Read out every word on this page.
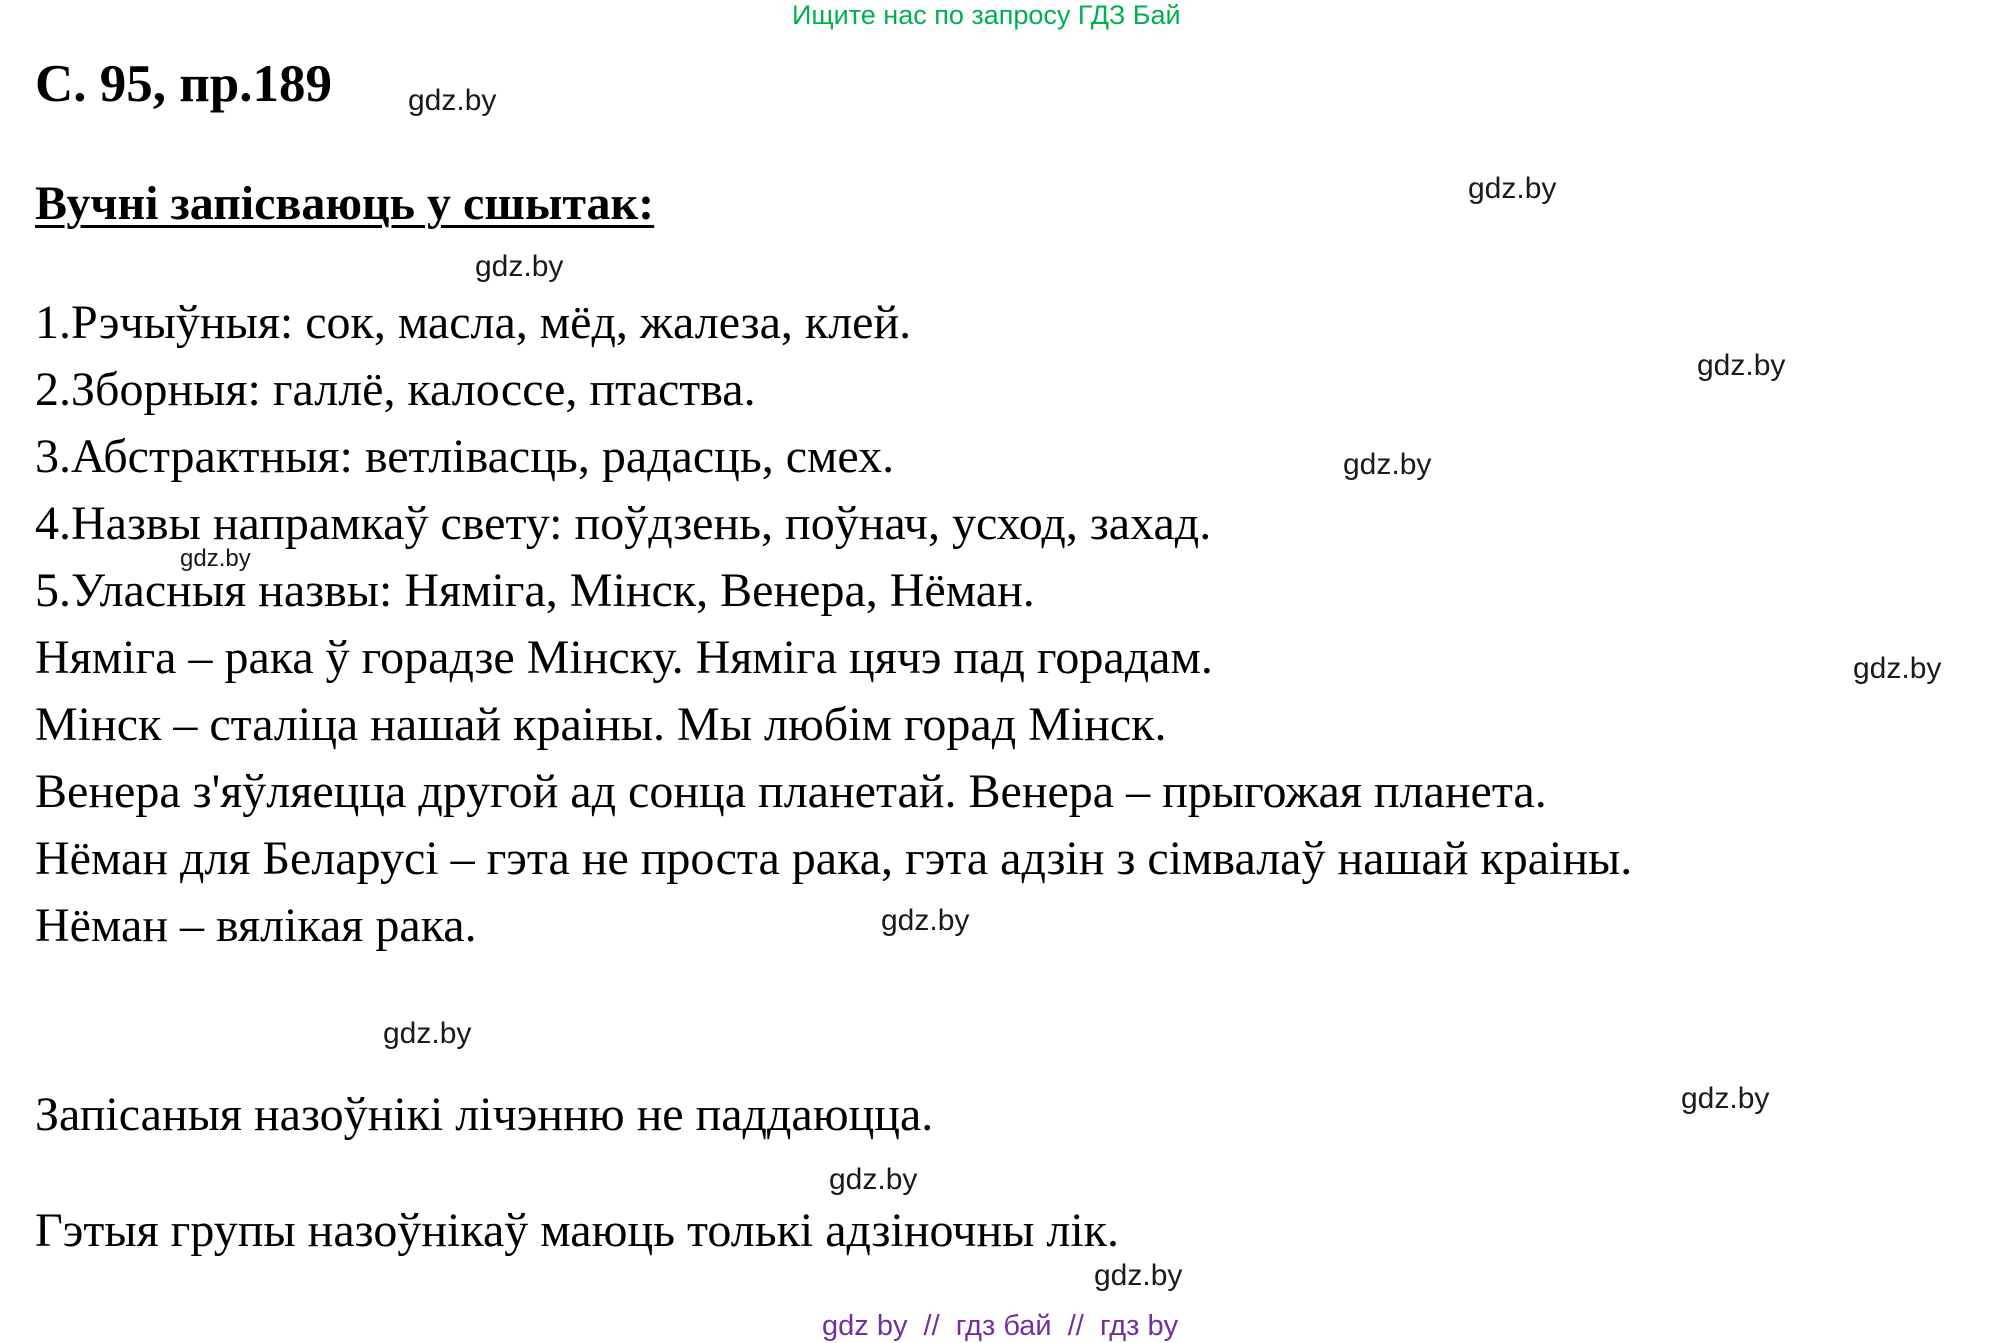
Ищите нас по запросу ГДЗ Бай
С. 95, пр.189
Вучні запісваюць у сшытак:
1.Рэчыўныя: сок, масла, мёд, жалеза, клей.
2.Зборныя: галлё, калоссе, птаства.
3.Абстрактныя: ветлівасць, радасць, смех.
4.Назвы напрамкаў свету: поўдзень, поўнач, усход, захад.
5.Уласныя назвы: Няміга, Мінск, Венера, Нёман.
Няміга – рака ў горадзе Мінску. Няміга цячэ пад горадам.
Мінск – сталіца нашай краіны. Мы любім горад Мінск.
Венера з'яўляецца другой ад сонца планетай. Венера – прыгожая планета.
Нёман для Беларусі – гэта не проста рака, гэта адзін з сімвалаў нашай краіны.
Нёман – вялікая рака.
Запісаныя назоўнікі лічэнню не паддаюцца.
Гэтыя групы назоўнікаў маюць толькі адзіночны лік.
gdz.by
gdz.by
gdz.by
gdz.by
gdz.by
gdz.by
gdz.by
gdz.by
gdz.by
gdz.by
gdz.by
gdz.by
gdz by  //  гдз бай  //  гдз by
